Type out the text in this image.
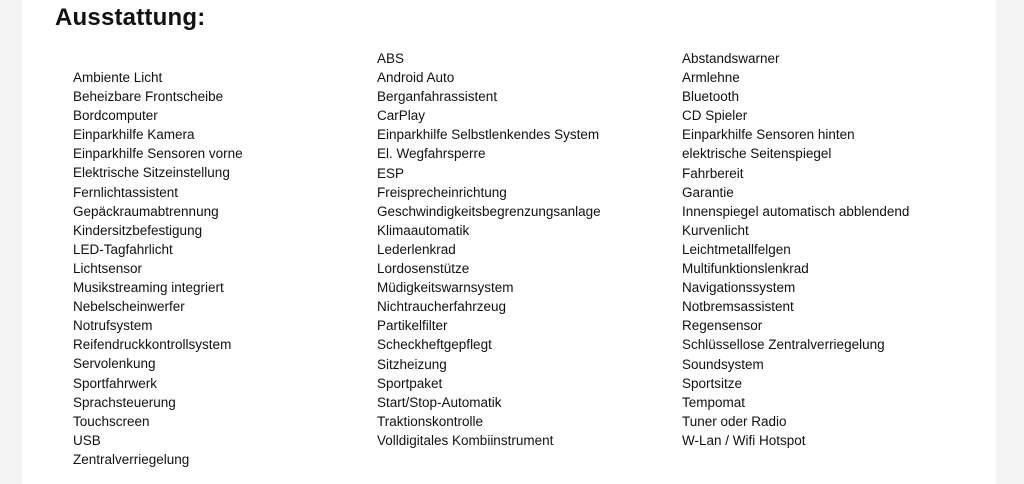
Ausstattung:
Ambiente Licht
Beheizbare Frontscheibe
Bordcomputer
Einparkhilfe Kamera
Einparkhilfe Sensoren vorne
Elektrische Sitzeinstellung
Fernlichtassistent
Gepäckraumabtrennung
Kindersitzbefestigung
LED-Tagfahrlicht
Lichtsensor
Musikstreaming integriert
Nebelscheinwerfer
Notrufsystem
Reifendruckkontrollsystem
Servolenkung
Sportfahrwerk
Sprachsteuerung
Touchscreen
USB
Zentralverriegelung
ABS
Android Auto
Berganfahrassistent
CarPlay
Einparkhilfe Selbstlenkendes System
El. Wegfahrsperre
ESP
Freisprecheinrichtung
Geschwindigkeitsbegrenzungsanlage
Klimaautomatik
Lederlenkrad
Lordosenstütze
Müdigkeitswarnsystem
Nichtraucherfahrzeug
Partikelfilter
Scheckheftgepflegt
Sitzheizung
Sportpaket
Start/Stop-Automatik
Traktionskontrolle
Volldigitales Kombiinstrument
Abstandswarner
Armlehne
Bluetooth
CD Spieler
Einparkhilfe Sensoren hinten
elektrische Seitenspiegel
Fahrbereit
Garantie
Innenspiegel automatisch abblendend
Kurvenlicht
Leichtmetallfelgen
Multifunktionslenkrad
Navigationssystem
Notbremsassistent
Regensensor
Schlüssellose Zentralverriegelung
Soundsystem
Sportsitze
Tempomat
Tuner oder Radio
W-Lan / Wifi Hotspot
